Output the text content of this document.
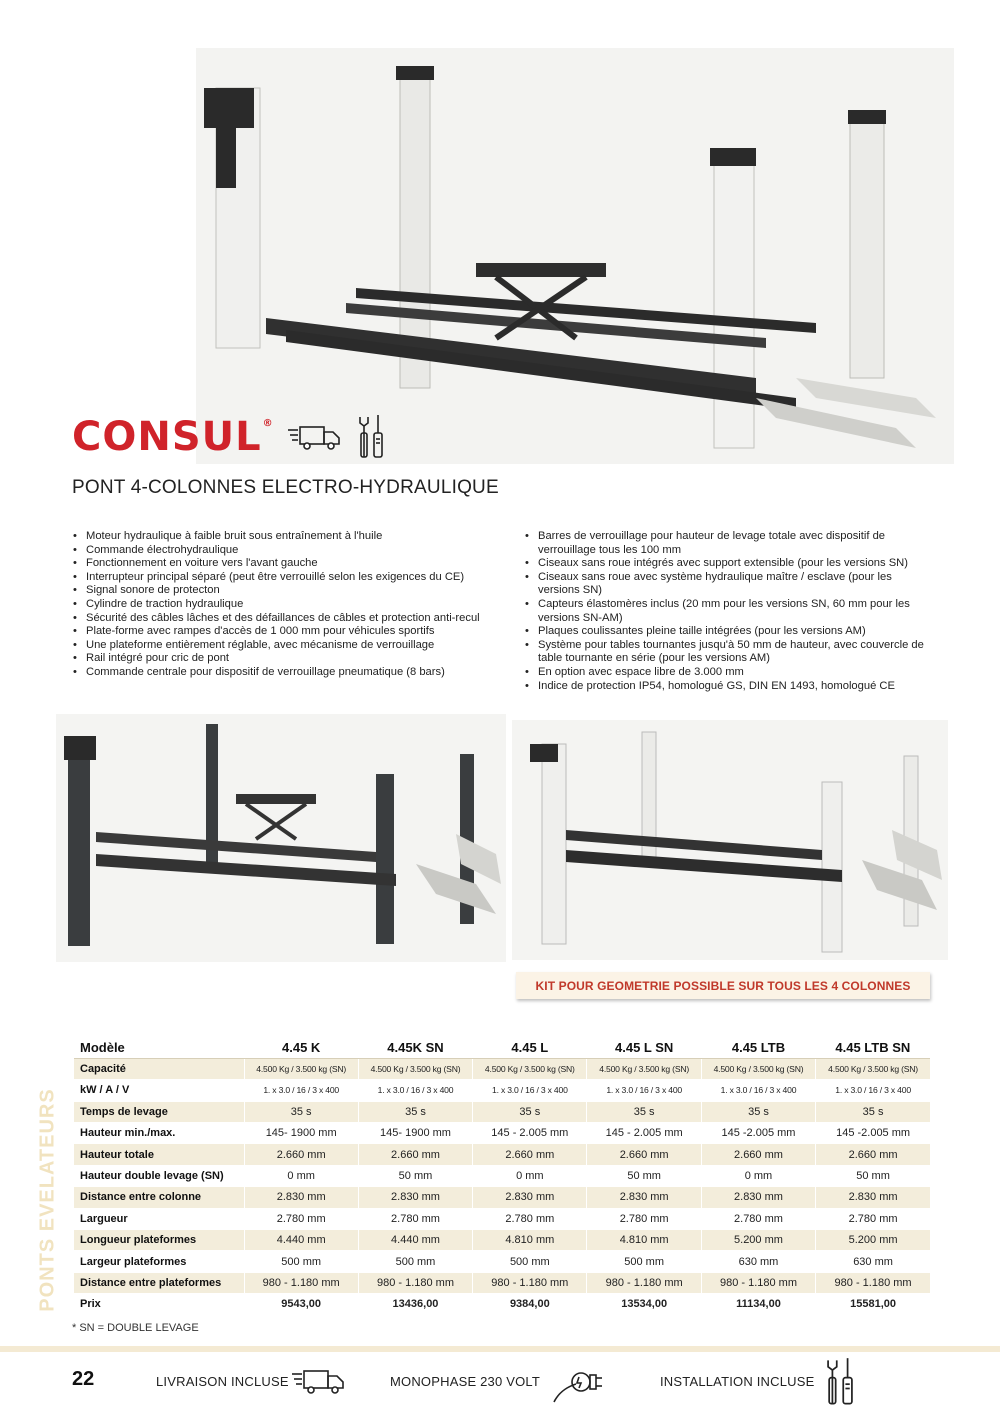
CONSUL®
PONT 4-COLONNES ELECTRO-HYDRAULIQUE
• Moteur hydraulique à faible bruit sous entraînement à l'huile
• Commande électrohydraulique
• Fonctionnement en voiture vers l'avant gauche
• Interrupteur principal séparé (peut être verrouillé selon les exigences du CE)
• Signal sonore de protecton
• Cylindre de traction hydraulique
• Sécurité des câbles lâches et des défaillances de câbles et protection anti-recul
• Plate-forme avec rampes d'accès de 1 000 mm pour véhicules sportifs
• Une plateforme entièrement réglable, avec mécanisme de verrouillage
• Rail intégré pour cric de pont
• Commande centrale pour dispositif de verrouillage pneumatique (8 bars)
• Barres de verrouillage pour hauteur de levage totale avec dispositif de verrouillage tous les 100 mm
• Ciseaux sans roue intégrés avec support extensible (pour les versions SN)
• Ciseaux sans roue avec système hydraulique maître / esclave (pour les versions SN)
• Capteurs élastomères inclus (20 mm pour les versions SN, 60 mm pour les versions SN-AM)
• Plaques coulissantes pleine taille intégrées (pour les versions AM)
• Système pour tables tournantes jusqu'à 50 mm de hauteur, avec couvercle de table tournante en série (pour les versions AM)
• En option avec espace libre de 3.000 mm
• Indice de protection IP54, homologué GS, DIN EN 1493, homologué CE
KIT POUR GEOMETRIE POSSIBLE SUR TOUS LES 4 COLONNES
Modèle	4.45 K	4.45K SN	4.45 L	4.45 L SN	4.45 LTB	4.45 LTB SN
Capacité	4.500 Kg / 3.500 kg (SN)	4.500 Kg / 3.500 kg (SN)	4.500 Kg / 3.500 kg (SN)	4.500 Kg / 3.500 kg (SN)	4.500 Kg / 3.500 kg (SN)	4.500 Kg / 3.500 kg (SN)
kW / A / V	1. x 3.0 / 16 / 3 x 400	1. x 3.0 / 16 / 3 x 400	1. x 3.0 / 16 / 3 x 400	1. x 3.0 / 16 / 3 x 400	1. x 3.0 / 16 / 3 x 400	1. x 3.0 / 16 / 3 x 400
Temps de levage	35 s	35 s	35 s	35 s	35 s	35 s
Hauteur min./max.	145- 1900 mm	145- 1900 mm	145 - 2.005 mm	145 - 2.005 mm	145 -2.005 mm	145 -2.005 mm
Hauteur totale	2.660 mm	2.660 mm	2.660 mm	2.660 mm	2.660 mm	2.660 mm
Hauteur double levage (SN)	0 mm	50 mm	0 mm	50 mm	0 mm	50 mm
Distance entre colonne	2.830 mm	2.830 mm	2.830 mm	2.830 mm	2.830 mm	2.830 mm
Largueur	2.780 mm	2.780 mm	2.780 mm	2.780 mm	2.780 mm	2.780 mm
Longueur plateformes	4.440 mm	4.440 mm	4.810 mm	4.810 mm	5.200 mm	5.200 mm
Largeur plateformes	500 mm	500 mm	500 mm	500 mm	630 mm	630 mm
Distance entre plateformes	980 - 1.180 mm	980 - 1.180 mm	980 - 1.180 mm	980 - 1.180 mm	980 - 1.180 mm	980 - 1.180 mm
Prix	9543,00	13436,00	9384,00	13534,00	11134,00	15581,00
* SN = DOUBLE LEVAGE
PONTS EVELATEURS
22	LIVRAISON INCLUSE	MONOPHASE 230 VOLT	INSTALLATION INCLUSE
